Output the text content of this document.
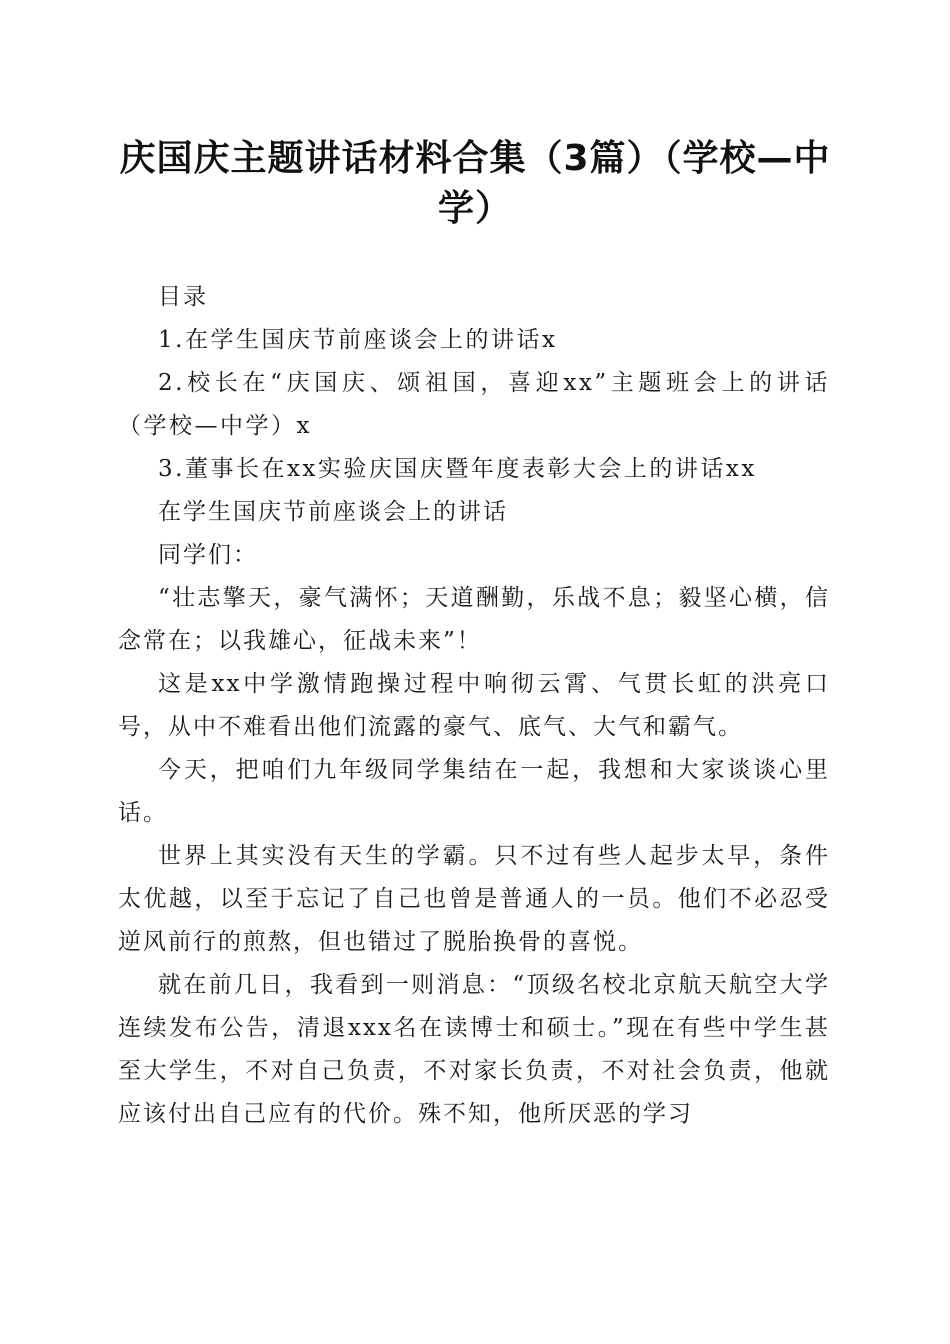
庆国庆主题讲话材料合集（3篇）（学校—中学）

目录

1.在学生国庆节前座谈会上的讲话x

2.校长在“庆国庆、颂祖国，喜迎xx”主题班会上的讲话（学校—中学）x

3.董事长在xx实验庆国庆暨年度表彰大会上的讲话xx

在学生国庆节前座谈会上的讲话

同学们：

“壮志擎天，豪气满怀；天道酬勤，乐战不息；毅坚心横，信念常在；以我雄心，征战未来”！

这是xx中学激情跑操过程中响彻云霄、气贯长虹的洪亮口号，从中不难看出他们流露的豪气、底气、大气和霸气。

今天，把咱们九年级同学集结在一起，我想和大家谈谈心里话。

世界上其实没有天生的学霸。只不过有些人起步太早，条件太优越，以至于忘记了自己也曾是普通人的一员。他们不必忍受逆风前行的煎熬，但也错过了脱胎换骨的喜悦。

就在前几日，我看到一则消息：“顶级名校北京航天航空大学连续发布公告，清退xxx名在读博士和硕士。”现在有些中学生甚至大学生，不对自己负责，不对家长负责，不对社会负责，他就应该付出自己应有的代价。殊不知，他所厌恶的学习
